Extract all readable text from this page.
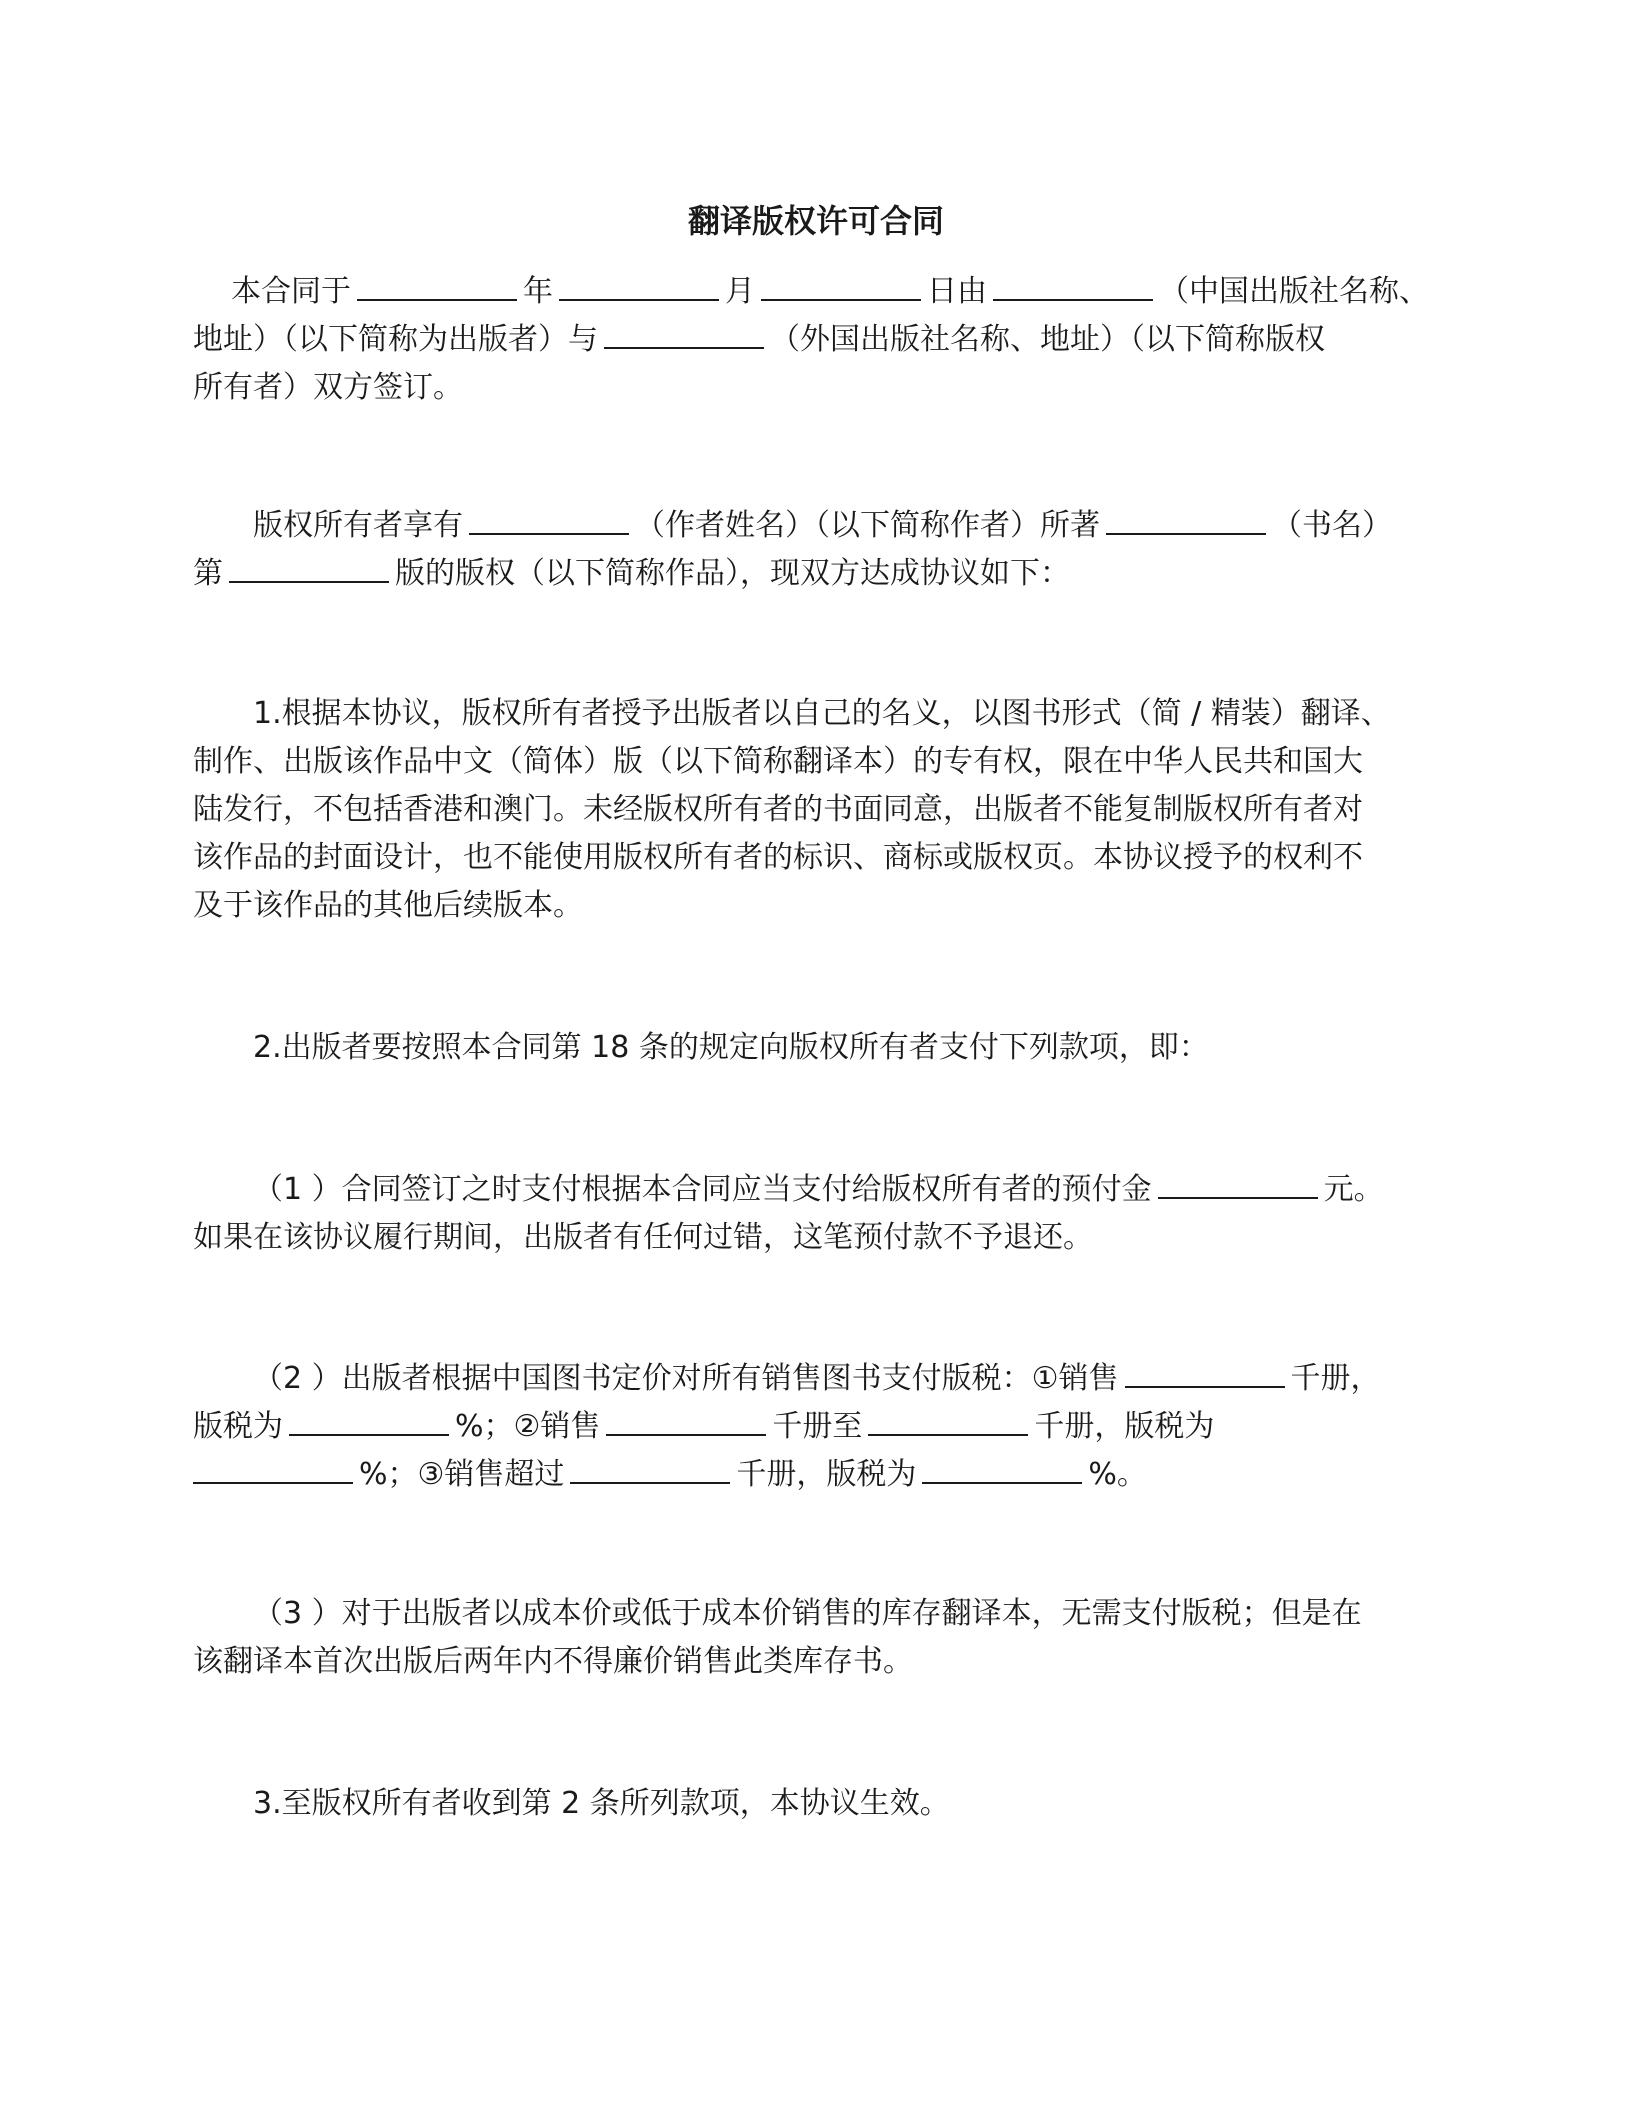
翻译版权许可合同
本合同于	年	月	日由	（中国出版社名称、
地址）（以下简称为出版者）与	（外国出版社名称、地址）（以下简称版权
所有者）双方签订。
版权所有者享有	（作者姓名）（以下简称作者）所著	（书名）
第	版的版权（以下简称作品），现双方达成协议如下：
1.根据本协议，版权所有者授予出版者以自己的名义，以图书形式（简 / 精装）翻译、
制作、出版该作品中文（简体）版（以下简称翻译本）的专有权，限在中华人民共和国大
陆发行，不包括香港和澳门。未经版权所有者的书面同意，出版者不能复制版权所有者对
该作品的封面设计，也不能使用版权所有者的标识、商标或版权页。本协议授予的权利不
及于该作品的其他后续版本。
2.出版者要按照本合同第 18 条的规定向版权所有者支付下列款项，即：
（1 ）合同签订之时支付根据本合同应当支付给版权所有者的预付金	元。
如果在该协议履行期间，出版者有任何过错，这笔预付款不予退还。
（2 ）出版者根据中国图书定价对所有销售图书支付版税：①销售	千册，
版税为	%；②销售	千册至	千册，版税为
%；③销售超过	千册，版税为	%。
（3 ）对于出版者以成本价或低于成本价销售的库存翻译本，无需支付版税；但是在
该翻译本首次出版后两年内不得廉价销售此类库存书。
3.至版权所有者收到第 2 条所列款项，本协议生效。
